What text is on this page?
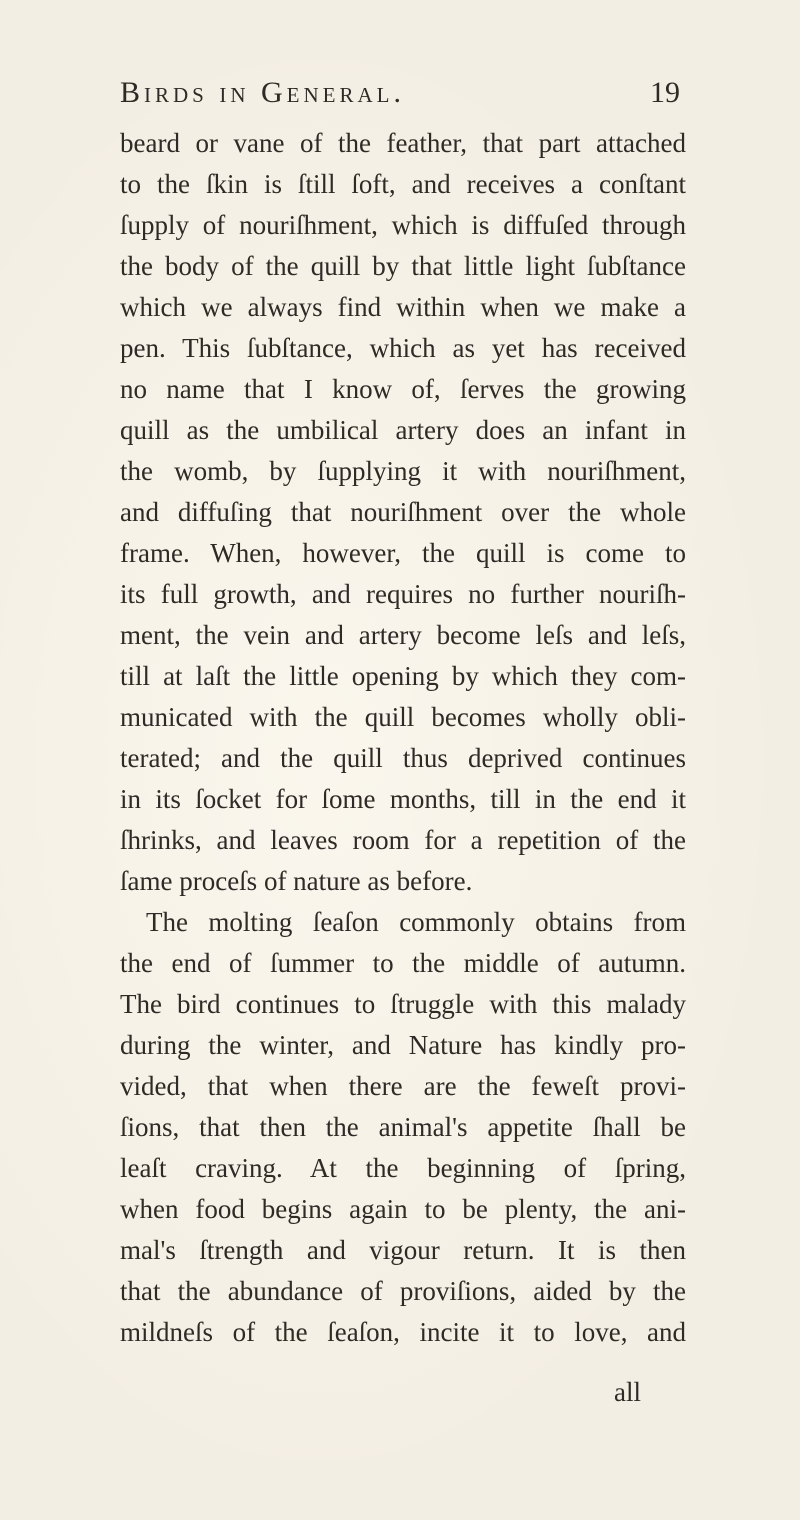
Birds in General.	19
beard or vane of the feather, that part attached
to the ſkin is ſtill ſoft, and receives a conſtant
ſupply of nouriſhment, which is diffuſed through
the body of the quill by that little light ſubſtance
which we always find within when we make a
pen. This ſubſtance, which as yet has received
no name that I know of, ſerves the growing
quill as the umbilical artery does an infant in
the womb, by ſupplying it with nouriſhment,
and diffuſing that nouriſhment over the whole
frame. When, however, the quill is come to
its full growth, and requires no further nouriſh-
ment, the vein and artery become leſs and leſs,
till at laſt the little opening by which they com-
municated with the quill becomes wholly obli-
terated; and the quill thus deprived continues
in its ſocket for ſome months, till in the end it
ſhrinks, and leaves room for a repetition of the
ſame proceſs of nature as before.
The molting ſeaſon commonly obtains from
the end of ſummer to the middle of autumn.
The bird continues to ſtruggle with this malady
during the winter, and Nature has kindly pro-
vided, that when there are the feweſt provi-
ſions, that then the animal's appetite ſhall be
leaſt craving. At the beginning of ſpring,
when food begins again to be plenty, the ani-
mal's ſtrength and vigour return. It is then
that the abundance of proviſions, aided by the
mildneſs of the ſeaſon, incite it to love, and
all
